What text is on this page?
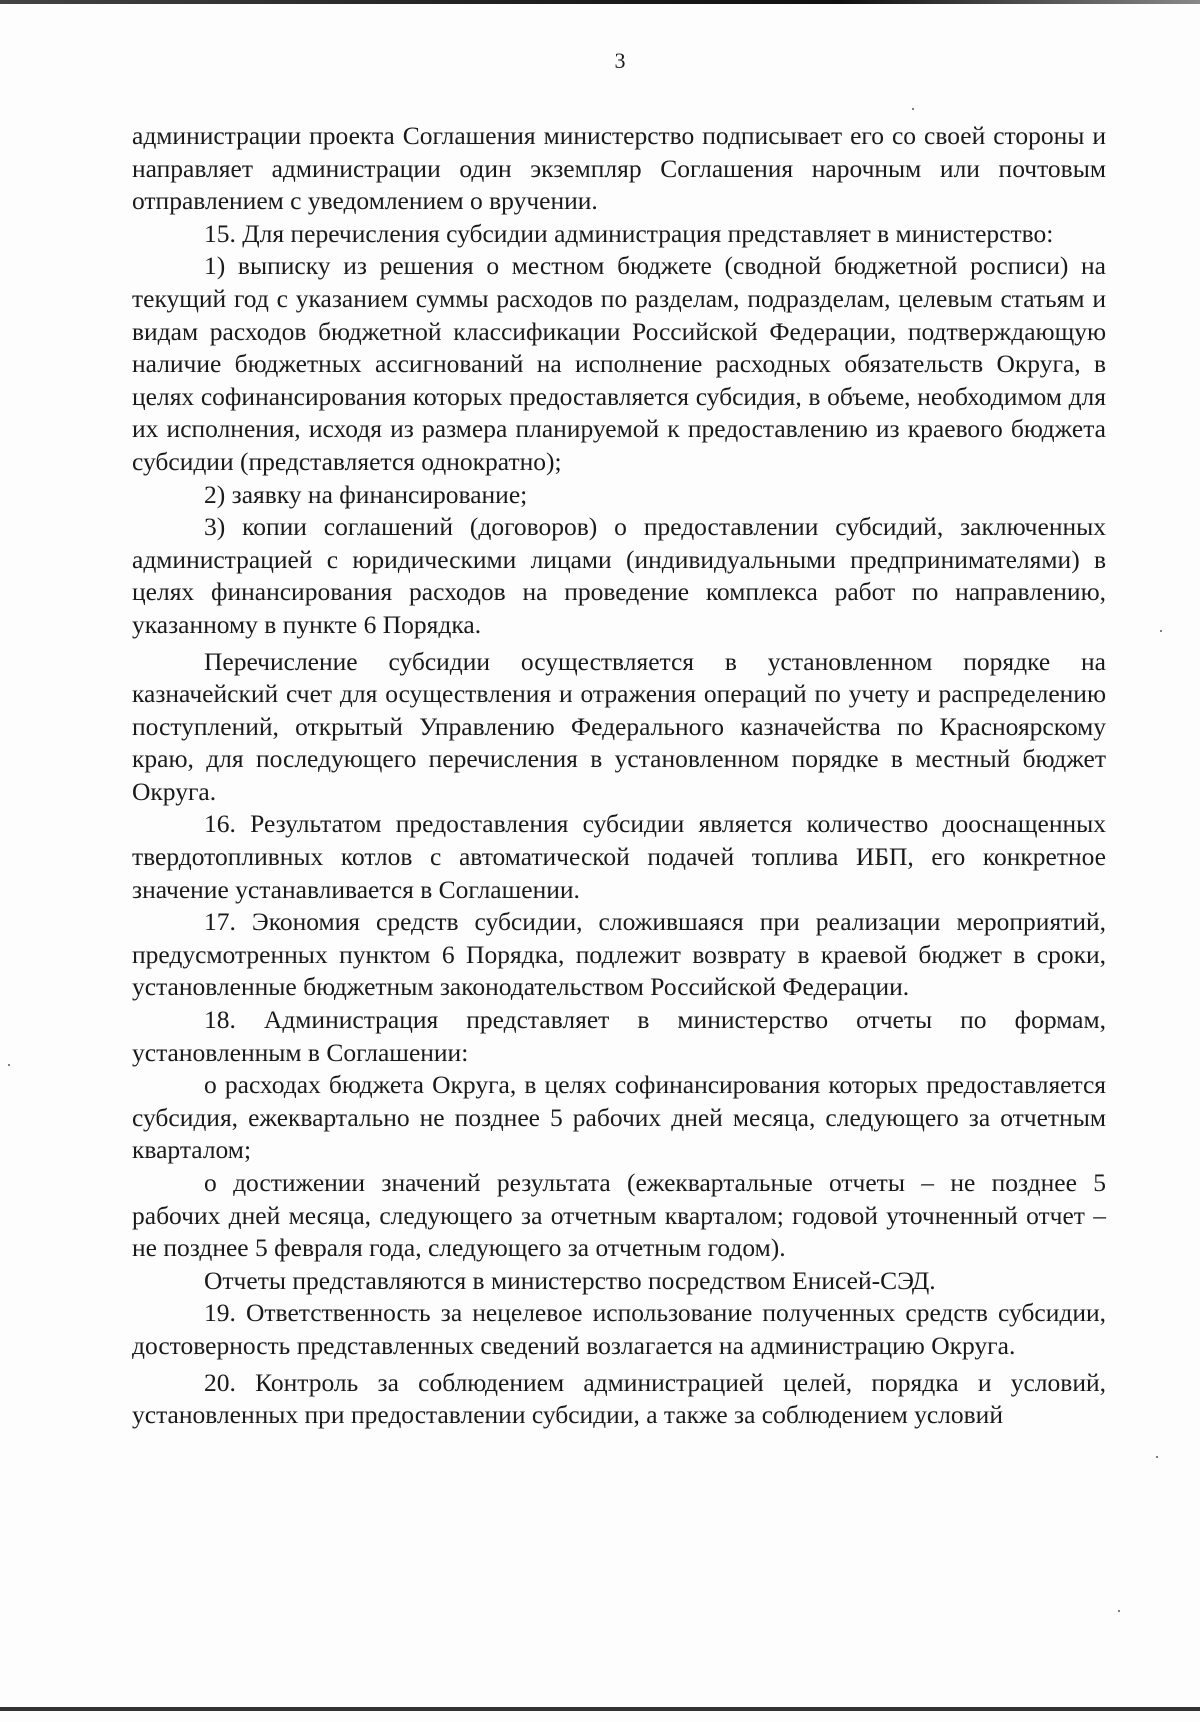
3

администрации проекта Соглашения министерство подписывает его со своей стороны и направляет администрации один экземпляр Соглашения нарочным или почтовым отправлением с уведомлением о вручении.

15. Для перечисления субсидии администрация представляет в министерство:

1) выписку из решения о местном бюджете (сводной бюджетной росписи) на текущий год с указанием суммы расходов по разделам, подразделам, целевым статьям и видам расходов бюджетной классификации Российской Федерации, подтверждающую наличие бюджетных ассигнований на исполнение расходных обязательств Округа, в целях софинансирования которых предоставляется субсидия, в объеме, необходимом для их исполнения, исходя из размера планируемой к предоставлению из краевого бюджета субсидии (представляется однократно);

2) заявку на финансирование;

3) копии соглашений (договоров) о предоставлении субсидий, заключенных администрацией с юридическими лицами (индивидуальными предпринимателями) в целях финансирования расходов на проведение комплекса работ по направлению, указанному в пункте 6 Порядка.

Перечисление субсидии осуществляется в установленном порядке на казначейский счет для осуществления и отражения операций по учету и распределению поступлений, открытый Управлению Федерального казначейства по Красноярскому краю, для последующего перечисления в установленном порядке в местный бюджет Округа.

16. Результатом предоставления субсидии является количество дооснащенных твердотопливных котлов с автоматической подачей топлива ИБП, его конкретное значение устанавливается в Соглашении.

17. Экономия средств субсидии, сложившаяся при реализации мероприятий, предусмотренных пунктом 6 Порядка, подлежит возврату в краевой бюджет в сроки, установленные бюджетным законодательством Российской Федерации.

18. Администрация представляет в министерство отчеты по формам, установленным в Соглашении:

о расходах бюджета Округа, в целях софинансирования которых предоставляется субсидия, ежеквартально не позднее 5 рабочих дней месяца, следующего за отчетным кварталом;

о достижении значений результата (ежеквартальные отчеты – не позднее 5 рабочих дней месяца, следующего за отчетным кварталом; годовой уточненный отчет – не позднее 5 февраля года, следующего за отчетным годом).

Отчеты представляются в министерство посредством Енисей-СЭД.

19. Ответственность за нецелевое использование полученных средств субсидии, достоверность представленных сведений возлагается на администрацию Округа.

20. Контроль за соблюдением администрацией целей, порядка и условий, установленных при предоставлении субсидии, а также за соблюдением условий
